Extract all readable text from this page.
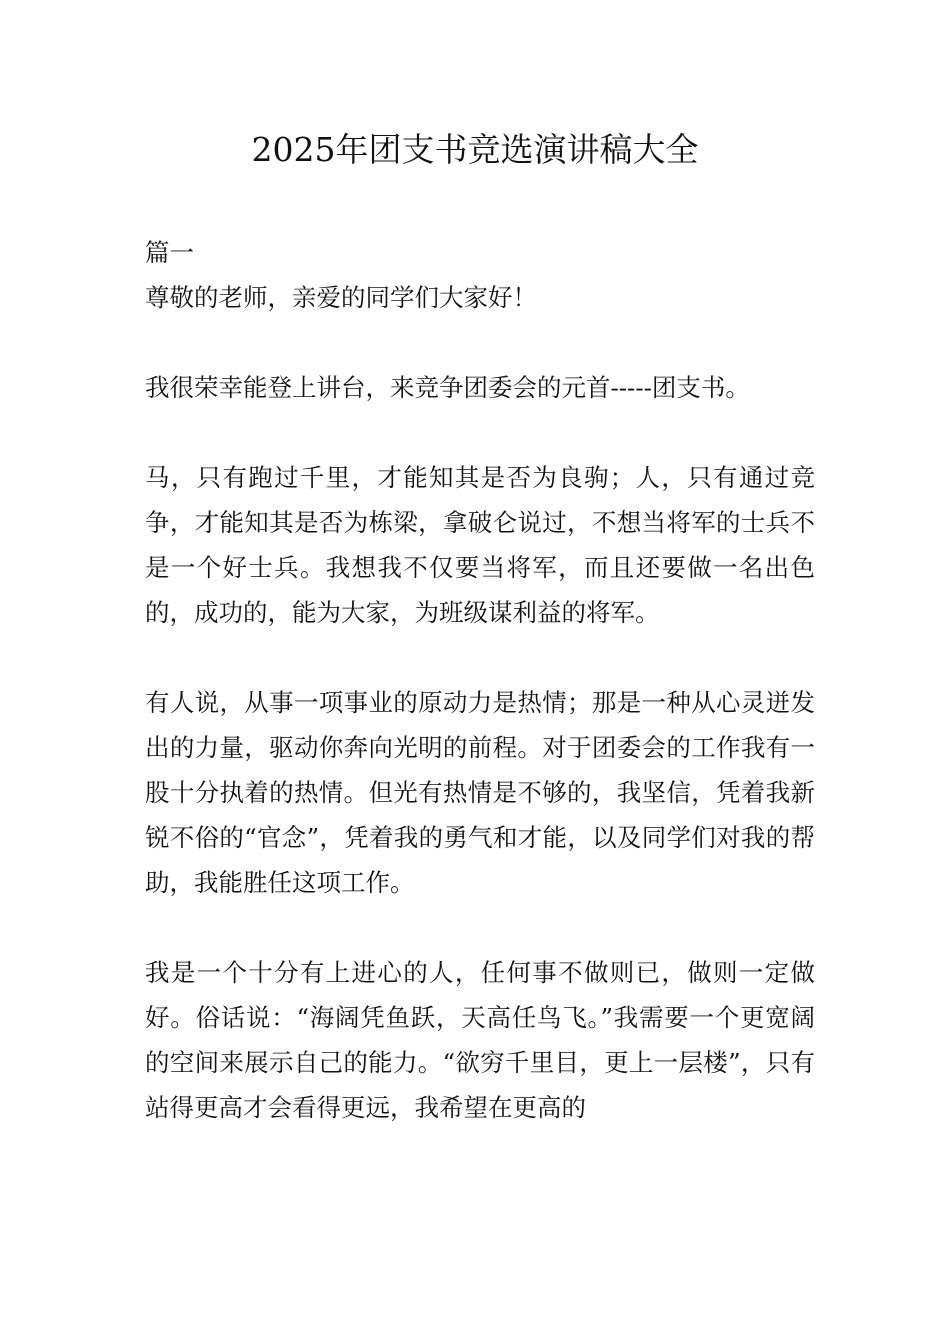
2025年团支书竞选演讲稿大全

篇一

尊敬的老师，亲爱的同学们大家好！

我很荣幸能登上讲台，来竞争团委会的元首-----团支书。

马，只有跑过千里，才能知其是否为良驹；人，只有通过竞争，才能知其是否为栋梁，拿破仑说过，不想当将军的士兵不是一个好士兵。我想我不仅要当将军，而且还要做一名出色的，成功的，能为大家，为班级谋利益的将军。

有人说，从事一项事业的原动力是热情；那是一种从心灵迸发出的力量，驱动你奔向光明的前程。对于团委会的工作我有一股十分执着的热情。但光有热情是不够的，我坚信，凭着我新锐不俗的“官念”，凭着我的勇气和才能，以及同学们对我的帮助，我能胜任这项工作。

我是一个十分有上进心的人，任何事不做则已，做则一定做好。俗话说：“海阔凭鱼跃，天高任鸟飞。”我需要一个更宽阔的空间来展示自己的能力。“欲穷千里目，更上一层楼”，只有站得更高才会看得更远，我希望在更高的
